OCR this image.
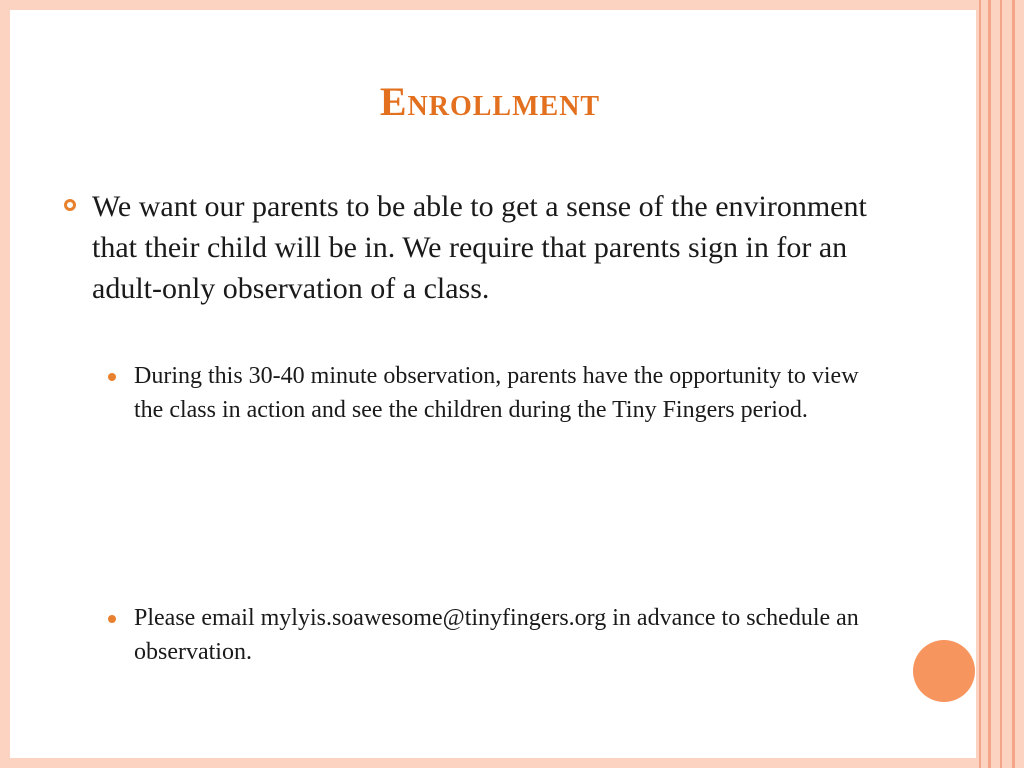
Enrollment
We want our parents to be able to get a sense of the environment that their child will be in. We require that parents sign in for an adult-only observation of a class.
During this 30-40 minute observation, parents have the opportunity to view the class in action and see the children during the Tiny Fingers period.
Please email mylyis.soawesome@tinyfingers.org in advance to schedule an observation.
